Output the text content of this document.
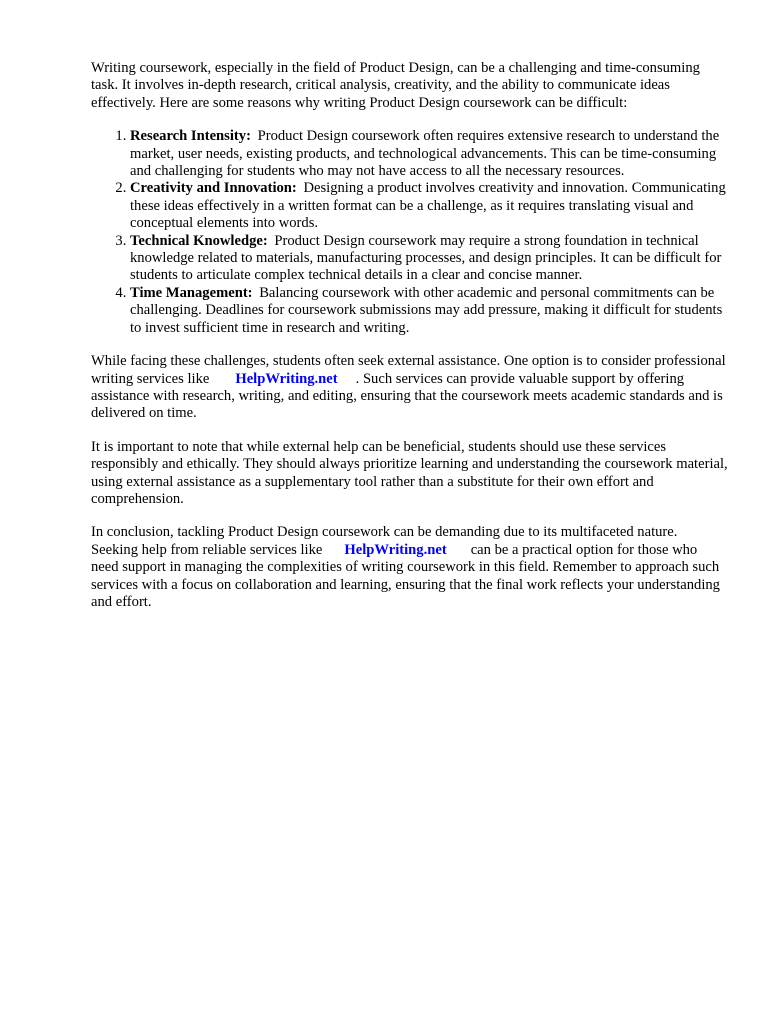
Writing coursework, especially in the field of Product Design, can be a challenging and time-consuming task. It involves in-depth research, critical analysis, creativity, and the ability to communicate ideas effectively. Here are some reasons why writing Product Design coursework can be difficult:

1. Research Intensity: Product Design coursework often requires extensive research to understand the market, user needs, existing products, and technological advancements. This can be time-consuming and challenging for students who may not have access to all the necessary resources.
2. Creativity and Innovation: Designing a product involves creativity and innovation. Communicating these ideas effectively in a written format can be a challenge, as it requires translating visual and conceptual elements into words.
3. Technical Knowledge: Product Design coursework may require a strong foundation in technical knowledge related to materials, manufacturing processes, and design principles. It can be difficult for students to articulate complex technical details in a clear and concise manner.
4. Time Management: Balancing coursework with other academic and personal commitments can be challenging. Deadlines for coursework submissions may add pressure, making it difficult for students to invest sufficient time in research and writing.

While facing these challenges, students often seek external assistance. One option is to consider professional writing services like HelpWriting.net . Such services can provide valuable support by offering assistance with research, writing, and editing, ensuring that the coursework meets academic standards and is delivered on time.

It is important to note that while external help can be beneficial, students should use these services responsibly and ethically. They should always prioritize learning and understanding the coursework material, using external assistance as a supplementary tool rather than a substitute for their own effort and comprehension.

In conclusion, tackling Product Design coursework can be demanding due to its multifaceted nature. Seeking help from reliable services like HelpWriting.net can be a practical option for those who need support in managing the complexities of writing coursework in this field. Remember to approach such services with a focus on collaboration and learning, ensuring that the final work reflects your understanding and effort.
